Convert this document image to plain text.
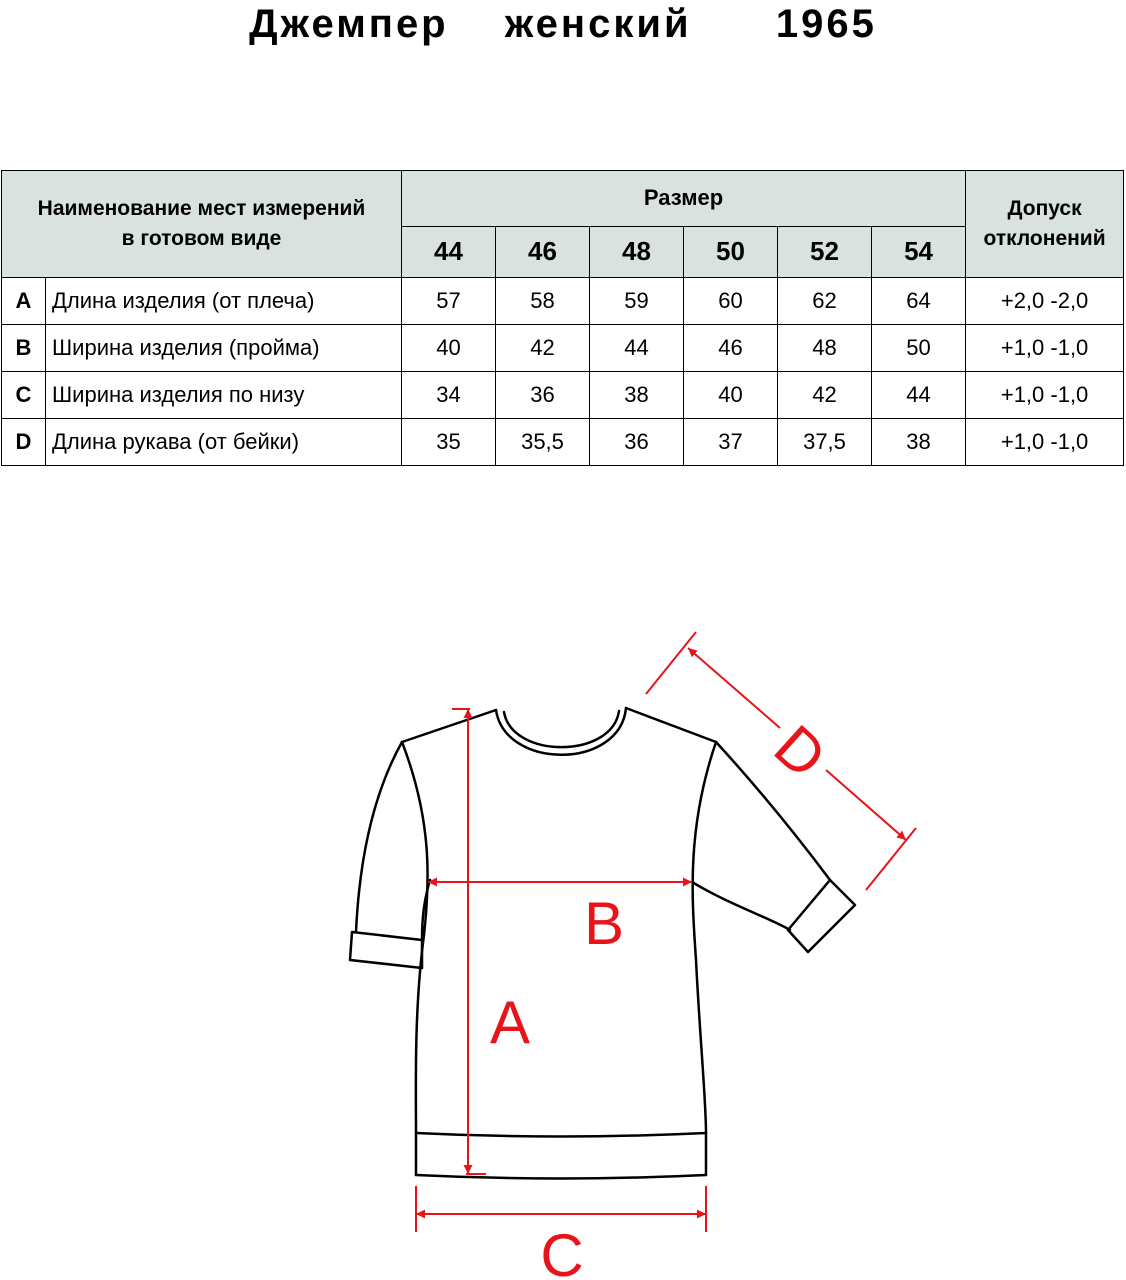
Джемпер  женский   1965
Наименование мест измерений
в готовом виде		Размер						Допуск
отклонений
		44	46	48	50	52	54	
A	Длина изделия (от плеча)	57	58	59	60	62	64	+2,0 -2,0
B	Ширина изделия (пройма)	40	42	44	46	48	50	+1,0 -1,0
C	Ширина изделия по низу	34	36	38	40	42	44	+1,0 -1,0
D	Длина рукава (от бейки)	35	35,5	36	37	37,5	38	+1,0 -1,0
A
B
C
D
